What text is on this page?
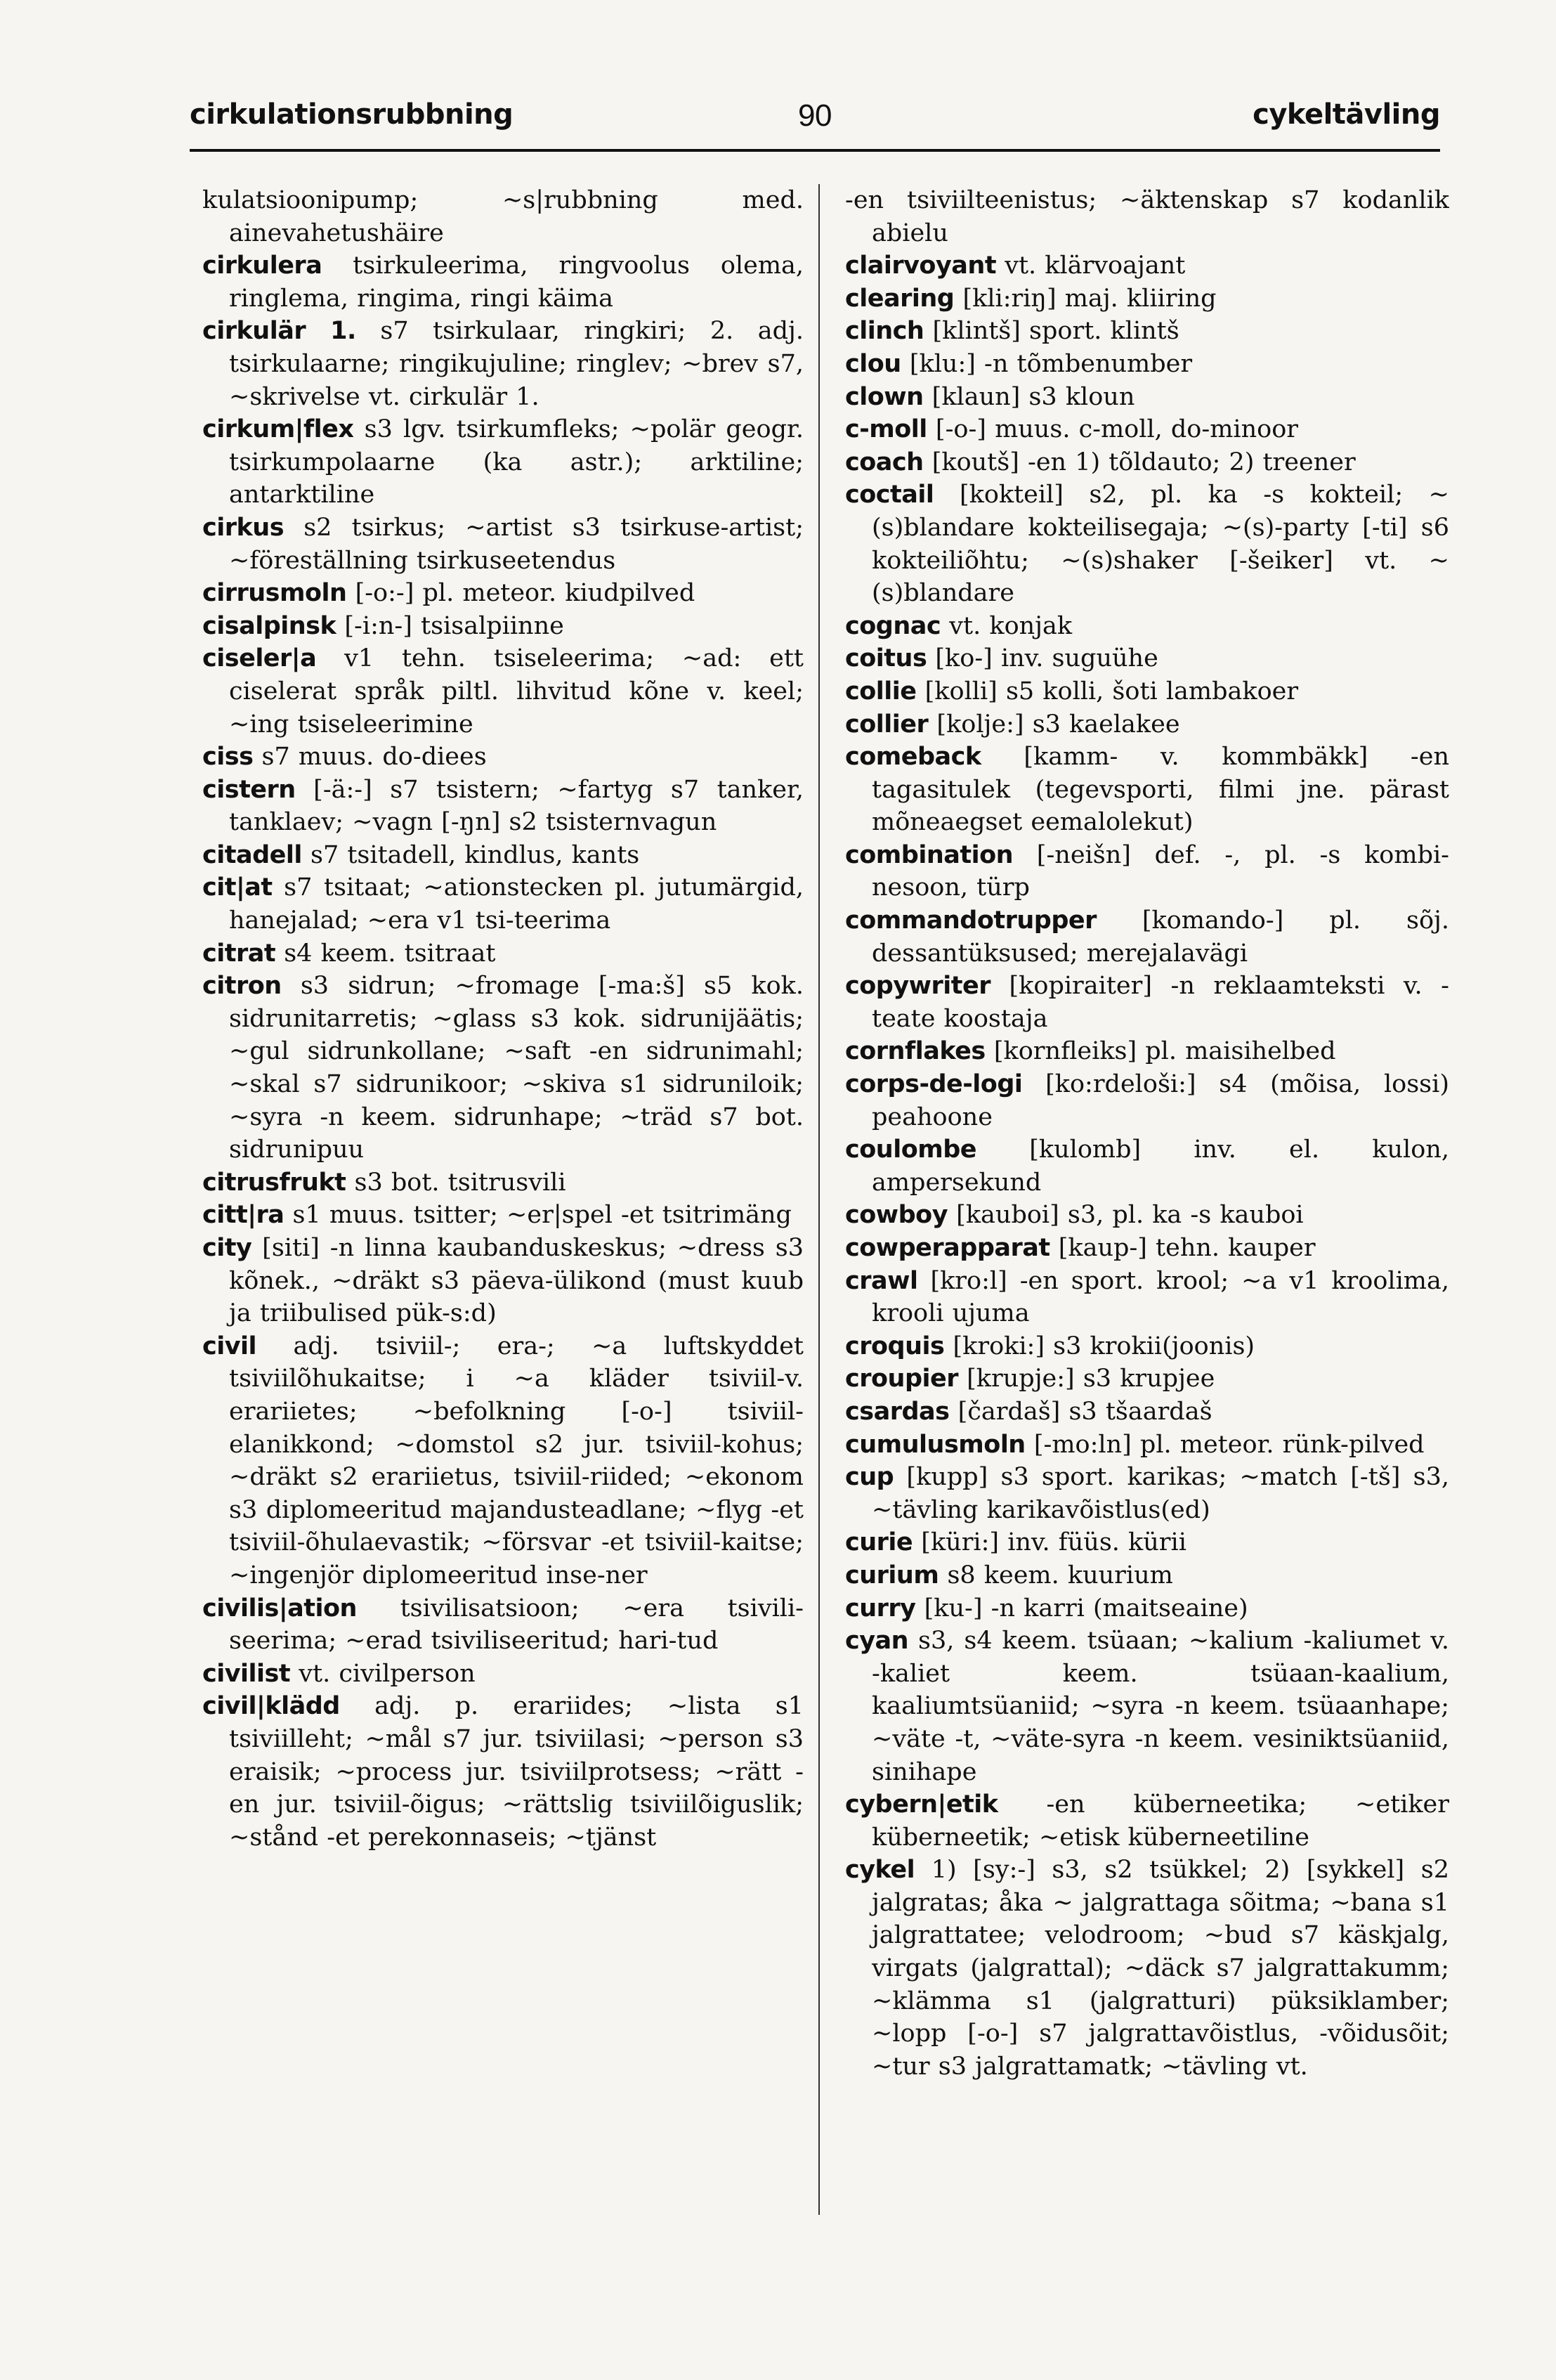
cirkulationsrubbning	90	cykeltävling

kulatsioonipump; ~s|rubbning med. ainevahetushäire

cirkulera tsirkuleerima, ringvoolus olema, ringlema, ringima, ringi käima

cirkulär 1. s7 tsirkulaar, ringkiri; 2. adj. tsirkulaarne; ringikujuline; ringlev; ~brev s7, ~skrivelse vt. cirkulär 1.

cirkum|flex s3 lgv. tsirkumfleks; ~polär geogr. tsirkumpolaarne (ka astr.); arktiline; antarktiline

cirkus s2 tsirkus; ~artist s3 tsirkuse-artist; ~föreställning tsirkuseetendus

cirrusmoln [-o:-] pl. meteor. kiudpilved

cisalpinsk [-i:n-] tsisalpiinne

ciseler|a v1 tehn. tsiseleerima; ~ad: ett ciselerat språk piltl. lihvitud kõne v. keel; ~ing tsiseleerimine

ciss s7 muus. do-diees

cistern [-ä:-] s7 tsistern; ~fartyg s7 tanker, tanklaev; ~vagn [-ŋn] s2 tsisternvagun

citadell s7 tsitadell, kindlus, kants

cit|at s7 tsitaat; ~ationstecken pl. jutumärgid, hanejalad; ~era v1 tsi-teerima

citrat s4 keem. tsitraat

citron s3 sidrun; ~fromage [-ma:š] s5 kok. sidrunitarretis; ~glass s3 kok. sidrunijäätis; ~gul sidrunkollane; ~saft -en sidrunimahl; ~skal s7 sidrunikoor; ~skiva s1 sidruniloik; ~syra -n keem. sidrunhape; ~träd s7 bot. sidrunipuu

citrusfrukt s3 bot. tsitrusvili

citt|ra s1 muus. tsitter; ~er|spel -et tsitrimäng

city [siti] -n linna kaubanduskeskus; ~dress s3 kõnek., ~dräkt s3 päeva-ülikond (must kuub ja triibulised pük-s:d)

civil adj. tsiviil-; era-; ~a luftskyddet tsiviilõhukaitse; i ~a kläder tsiviil-v. erariietes; ~befolkning [-o-] tsiviil-elanikkond; ~domstol s2 jur. tsiviil-kohus; ~dräkt s2 erariietus, tsiviil-riided; ~ekonom s3 diplomeeritud majandusteadlane; ~flyg -et tsiviil-õhulaevastik; ~försvar -et tsiviil-kaitse; ~ingenjör diplomeeritud inse-ner

civilis|ation tsivilisatsioon; ~era tsivili-seerima; ~erad tsiviliseeritud; hari-tud

civilist vt. civilperson

civil|klädd adj. p. erariides; ~lista s1 tsiviilleht; ~mål s7 jur. tsiviilasi; ~person s3 eraisik; ~process jur. tsiviilprotsess; ~rätt -en jur. tsiviil-õigus; ~rättslig tsiviilõiguslik; ~stånd -et perekonnaseis; ~tjänst

-en tsiviilteenistus; ~äktenskap s7 kodanlik abielu

clairvoyant vt. klärvoajant

clearing [kli:riŋ] maj. kliiring

clinch [klintš] sport. klintš

clou [klu:] -n tõmbenumber

clown [klaun] s3 kloun

c-moll [-o-] muus. c-moll, do-minoor

coach [koutš] -en 1) tõldauto; 2) treener

coctail [kokteil] s2, pl. ka -s kokteil; ~(s)blandare kokteilisegaja; ~(s)-party [-ti] s6 kokteiliõhtu; ~(s)shaker [-šeiker] vt. ~(s)blandare

cognac vt. konjak

coitus [ko-] inv. suguühe

collie [kolli] s5 kolli, šoti lambakoer

collier [kolje:] s3 kaelakee

comeback [kamm- v. kommbäkk] -en tagasitulek (tegevsporti, filmi jne. pärast mõneaegset eemalolekut)

combination [-neišn] def. -, pl. -s kombi-nesoon, türp

commandotrupper [komando-] pl. sõj. dessantüksused; merejalavägi

copywriter [kopiraiter] -n reklaamteksti v. -teate koostaja

cornflakes [kornfleiks] pl. maisihelbed

corps-de-logi [ko:rdeloši:] s4 (mõisa, lossi) peahoone

coulombe [kulomb] inv. el. kulon, ampersekund

cowboy [kauboi] s3, pl. ka -s kauboi

cowperapparat [kaup-] tehn. kauper

crawl [kro:l] -en sport. krool; ~a v1 kroolima, krooli ujuma

croquis [kroki:] s3 krokii(joonis)

croupier [krupje:] s3 krupjee

csardas [čardaš] s3 tšaardaš

cumulusmoln [-mo:ln] pl. meteor. rünk-pilved

cup [kupp] s3 sport. karikas; ~match [-tš] s3, ~tävling karikavõistlus(ed)

curie [küri:] inv. füüs. kürii

curium s8 keem. kuurium

curry [ku-] -n karri (maitseaine)

cyan s3, s4 keem. tsüaan; ~kalium -kaliumet v. -kaliet keem. tsüaan-kaalium, kaaliumtsüaniid; ~syra -n keem. tsüaanhape; ~väte -t, ~väte-syra -n keem. vesiniktsüaniid, sinihape

cybern|etik -en küberneetika; ~etiker küberneetik; ~etisk küberneetiline

cykel 1) [sy:-] s3, s2 tsükkel; 2) [sykkel] s2 jalgratas; åka ~ jalgrattaga sõitma; ~bana s1 jalgrattatee; velodroom; ~bud s7 käskjalg, virgats (jalgrattal); ~däck s7 jalgrattakumm; ~klämma s1 (jalgratturi) püksiklamber; ~lopp [-o-] s7 jalgrattavõistlus, -võidusõit; ~tur s3 jalgrattamatk; ~tävling vt.
